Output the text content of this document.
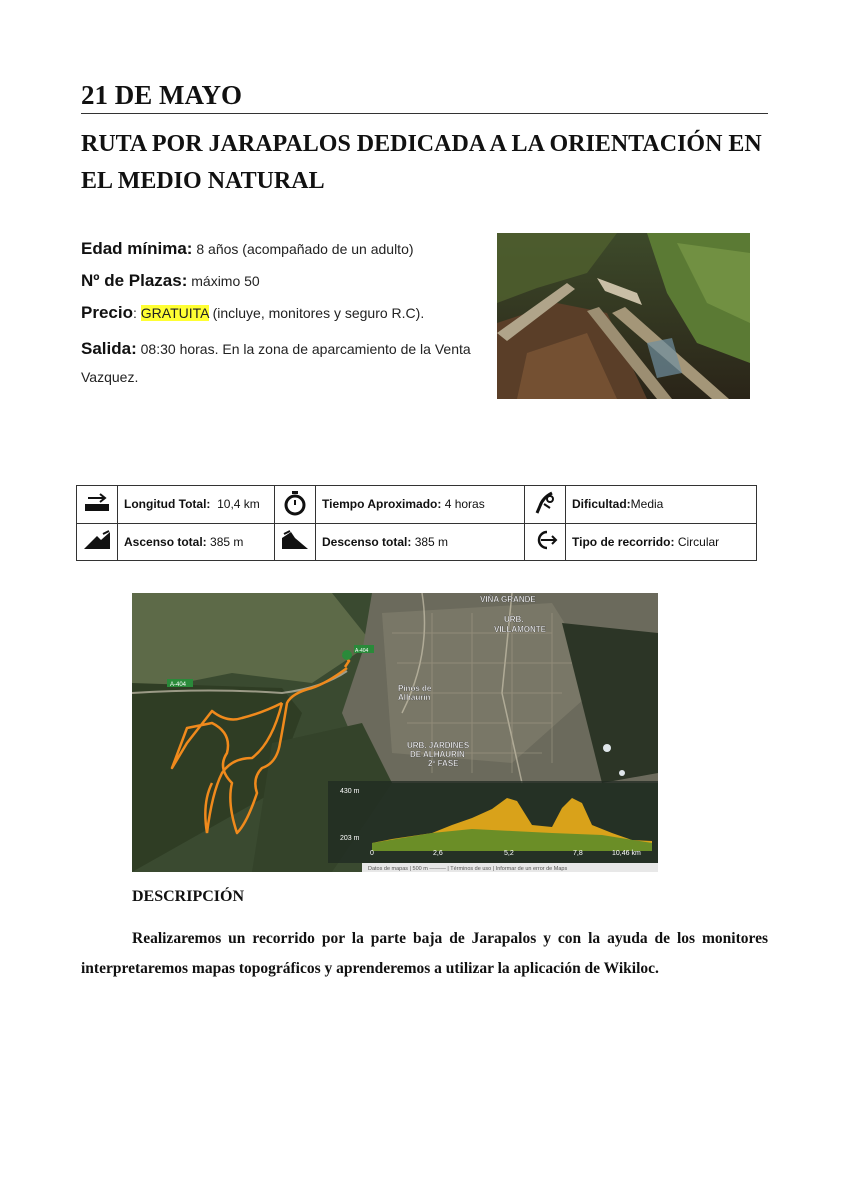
21 DE MAYO
RUTA POR JARAPALOS DEDICADA A LA ORIENTACIÓN EN EL MEDIO NATURAL
Edad mínima: 8 años (acompañado de un adulto)
Nº de Plazas: máximo 50
Precio: GRATUITA (incluye, monitores y seguro R.C).
Salida: 08:30 horas. En la zona de aparcamiento de la Venta Vazquez.
	Longitud Total: 10,4 km		Tiempo Aproximado: 4 horas		Dificultad:Media
	Ascenso total: 385 m		Descenso total: 385 m		Tipo de recorrido: Circular
A-404
A-404
VIÑA GRANDE
URB.
VILLAMONTE
Pinos de
Alhaurín
URB. JARDINES
DE ALHAURÍN
2º FASE
430 m
203 m
0	2,6	5,2	7,8	10,46 km
Datos de mapas | 500 m ——— | Términos de uso | Informar de un error de Maps
DESCRIPCIÓN
Realizaremos un recorrido por la parte baja de Jarapalos y con la ayuda de los monitores interpretaremos mapas topográficos y aprenderemos a utilizar la aplicación de Wikiloc.
